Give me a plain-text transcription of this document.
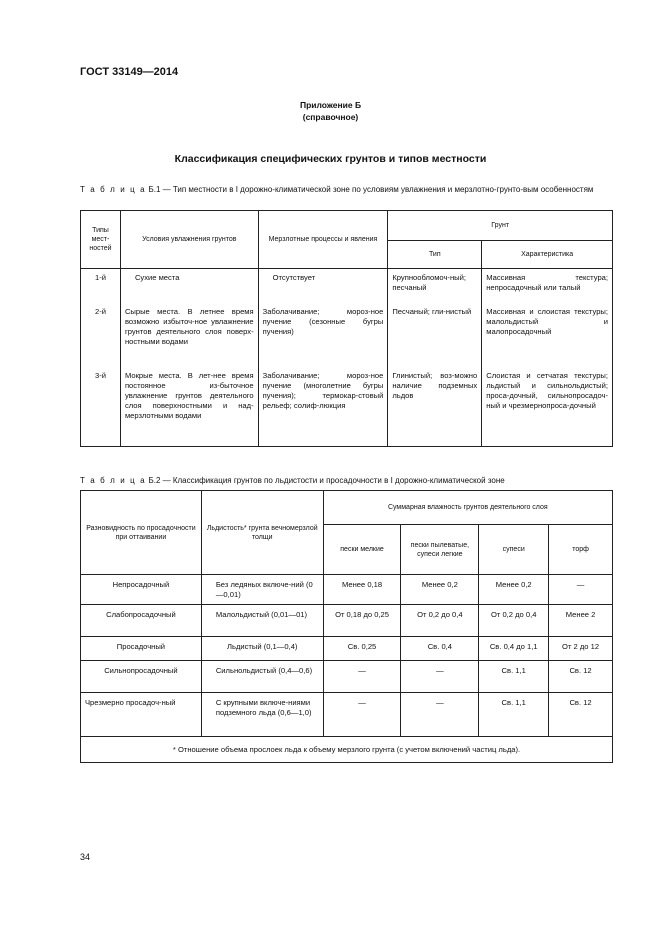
ГОСТ 33149—2014
Приложение Б
(справочное)
Классификация специфических грунтов и типов местности
Т а б л и ц а Б.1 — Тип местности в I дорожно-климатической зоне по условиям увлажнения и мерзлотно-грунто-вым особенностям
Типы мест-ностей	Условия увлажнения грунтов	Мерзлотные процессы и явления	Грунт	
			Тип	Характеристика
1-й	Сухие места	Отсутствует	Крупнообломоч-ный; песчаный	Массивная текстура; непросадочный или талый
2-й	Сырые места. В летнее время возможно избыточ-ное увлажнение грунтов деятельного слоя поверх-ностными водами	Заболачивание; мороз-ное пучение (сезонные бугры пучения)	Песчаный; гли-нистый	Массивная и слоистая текстуры; малольдистый и малопросадочный
3-й	Мокрые места. В лет-нее время постоянное из-быточное увлажнение грунтов деятельного слоя поверхностными и над-мерзлотными водами	Заболачивание; мороз-ное пучение (многолетние бугры пучения); термокар-стовый рельеф; солиф-люкция	Глинистый; воз-можно наличие подземных льдов	Слоистая и сетчатая текстуры; льдистый и сильнольдистый; проса-дочный, сильнопросадоч-ный и чрезмернопроса-дочный
Т а б л и ц а Б.2 — Классификация грунтов по льдистости и просадочности в I дорожно-климатической зоне
Разновидность по просадочности при оттаивании	Льдистость* грунта вечномерзлой толщи	Суммарная влажность грунтов деятельного слоя			
		пески мелкие	пески пылеватые, супеси легкие	супеси	торф
Непросадочный	Без ледяных включе-ний (0—0,01)	Менее 0,18	Менее 0,2	Менее 0,2	—
Слабопросадочный	Малольдистый (0,01—01)	От 0,18 до 0,25	От 0,2 до 0,4	От 0,2 до 0,4	Менее 2
Просадочный	Льдистый (0,1—0,4)	Св. 0,25	Св. 0,4	Св. 0,4 до 1,1	От 2 до 12
Сильнопросадочный	Сильнольдистый (0,4—0,6)	—	—	Св. 1,1	Св. 12
Чрезмерно просадоч-ный	С крупными включе-ниями подземного льда (0,6—1,0)	—	—	Св. 1,1	Св. 12
* Отношение объема прослоек льда к объему мерзлого грунта (с учетом включений частиц льда).					
34
